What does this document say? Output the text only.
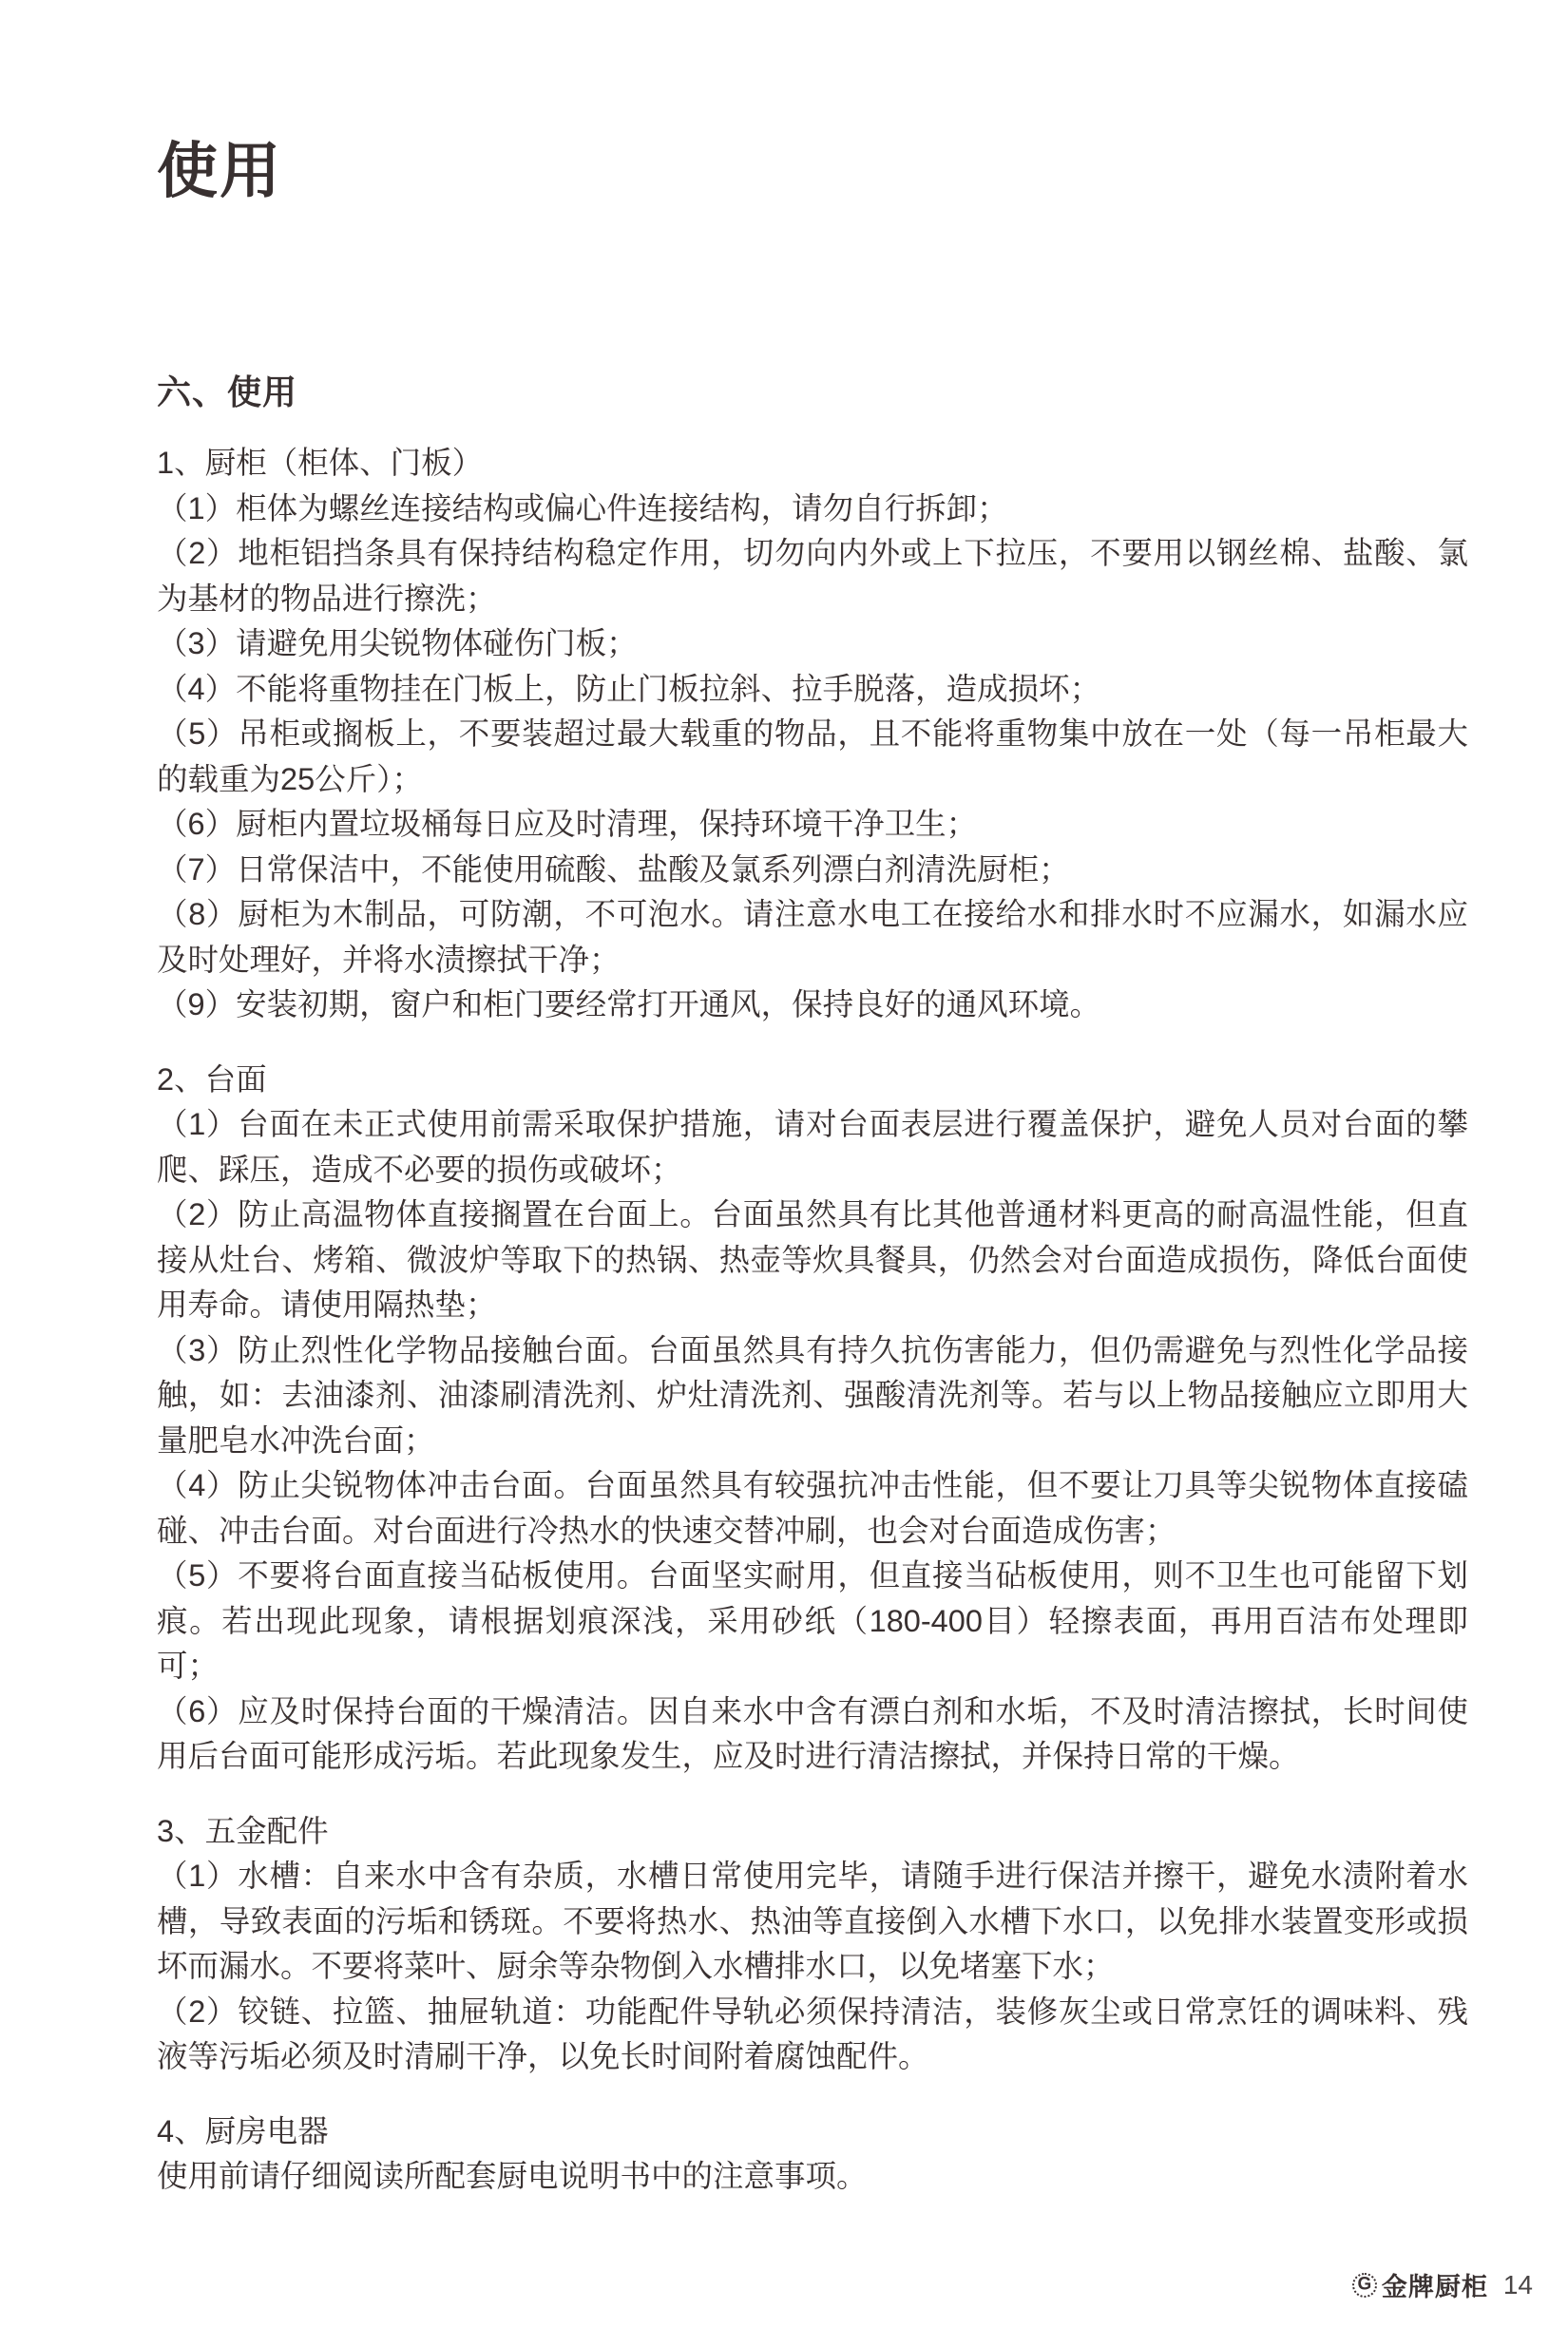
使用
六、使用
1、厨柜（柜体、门板）

（1）柜体为螺丝连接结构或偏心件连接结构，请勿自行拆卸；

（2）地柜铝挡条具有保持结构稳定作用，切勿向内外或上下拉压，不要用以钢丝棉、盐酸、氯为基材的物品进行擦洗；

（3）请避免用尖锐物体碰伤门板；

（4）不能将重物挂在门板上，防止门板拉斜、拉手脱落，造成损坏；

（5）吊柜或搁板上，不要装超过最大载重的物品，且不能将重物集中放在一处（每一吊柜最大的载重为25公斤）；

（6）厨柜内置垃圾桶每日应及时清理，保持环境干净卫生；

（7）日常保洁中，不能使用硫酸、盐酸及氯系列漂白剂清洗厨柜；

（8）厨柜为木制品，可防潮，不可泡水。请注意水电工在接给水和排水时不应漏水，如漏水应及时处理好，并将水渍擦拭干净；

（9）安装初期，窗户和柜门要经常打开通风，保持良好的通风环境。

2、台面

（1）台面在未正式使用前需采取保护措施，请对台面表层进行覆盖保护，避免人员对台面的攀爬、踩压，造成不必要的损伤或破坏；

（2）防止高温物体直接搁置在台面上。台面虽然具有比其他普通材料更高的耐高温性能，但直接从灶台、烤箱、微波炉等取下的热锅、热壶等炊具餐具，仍然会对台面造成损伤，降低台面使用寿命。请使用隔热垫；

（3）防止烈性化学物品接触台面。台面虽然具有持久抗伤害能力，但仍需避免与烈性化学品接触，如：去油漆剂、油漆刷清洗剂、炉灶清洗剂、强酸清洗剂等。若与以上物品接触应立即用大量肥皂水冲洗台面；

（4）防止尖锐物体冲击台面。台面虽然具有较强抗冲击性能，但不要让刀具等尖锐物体直接磕碰、冲击台面。对台面进行冷热水的快速交替冲刷，也会对台面造成伤害；

（5）不要将台面直接当砧板使用。台面坚实耐用，但直接当砧板使用，则不卫生也可能留下划痕。若出现此现象，请根据划痕深浅，采用砂纸（180-400目）轻擦表面，再用百洁布处理即可；

（6）应及时保持台面的干燥清洁。因自来水中含有漂白剂和水垢，不及时清洁擦拭，长时间使用后台面可能形成污垢。若此现象发生，应及时进行清洁擦拭，并保持日常的干燥。

3、五金配件

（1）水槽：自来水中含有杂质，水槽日常使用完毕，请随手进行保洁并擦干，避免水渍附着水槽，导致表面的污垢和锈斑。不要将热水、热油等直接倒入水槽下水口，以免排水装置变形或损坏而漏水。不要将菜叶、厨余等杂物倒入水槽排水口，以免堵塞下水；

（2）铰链、拉篮、抽屉轨道：功能配件导轨必须保持清洁，装修灰尘或日常烹饪的调味料、残液等污垢必须及时清刷干净，以免长时间附着腐蚀配件。

4、厨房电器

使用前请仔细阅读所配套厨电说明书中的注意事项。

G 金牌厨柜 14
